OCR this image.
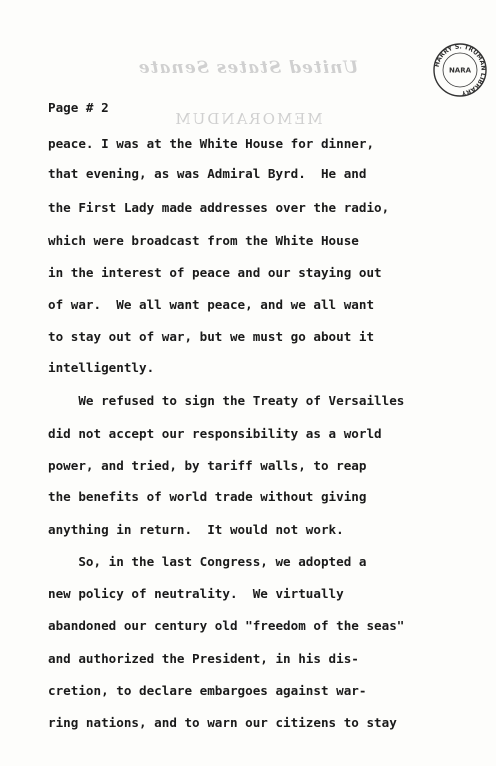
United States Senate
MEMORANDUM
HARRY S. TRUMAN LIBRARY
NARA

Page # 2

peace. I was at the White House for dinner,

that evening, as was Admiral Byrd.  He and

the First Lady made addresses over the radio,

which were broadcast from the White House

in the interest of peace and our staying out

of war.  We all want peace, and we all want

to stay out of war, but we must go about it

intelligently.

We refused to sign the Treaty of Versailles

did not accept our responsibility as a world

power, and tried, by tariff walls, to reap

the benefits of world trade without giving

anything in return.  It would not work.

So, in the last Congress, we adopted a

new policy of neutrality.  We virtually

abandoned our century old "freedom of the seas"

and authorized the President, in his dis-

cretion, to declare embargoes against war-

ring nations, and to warn our citizens to stay
